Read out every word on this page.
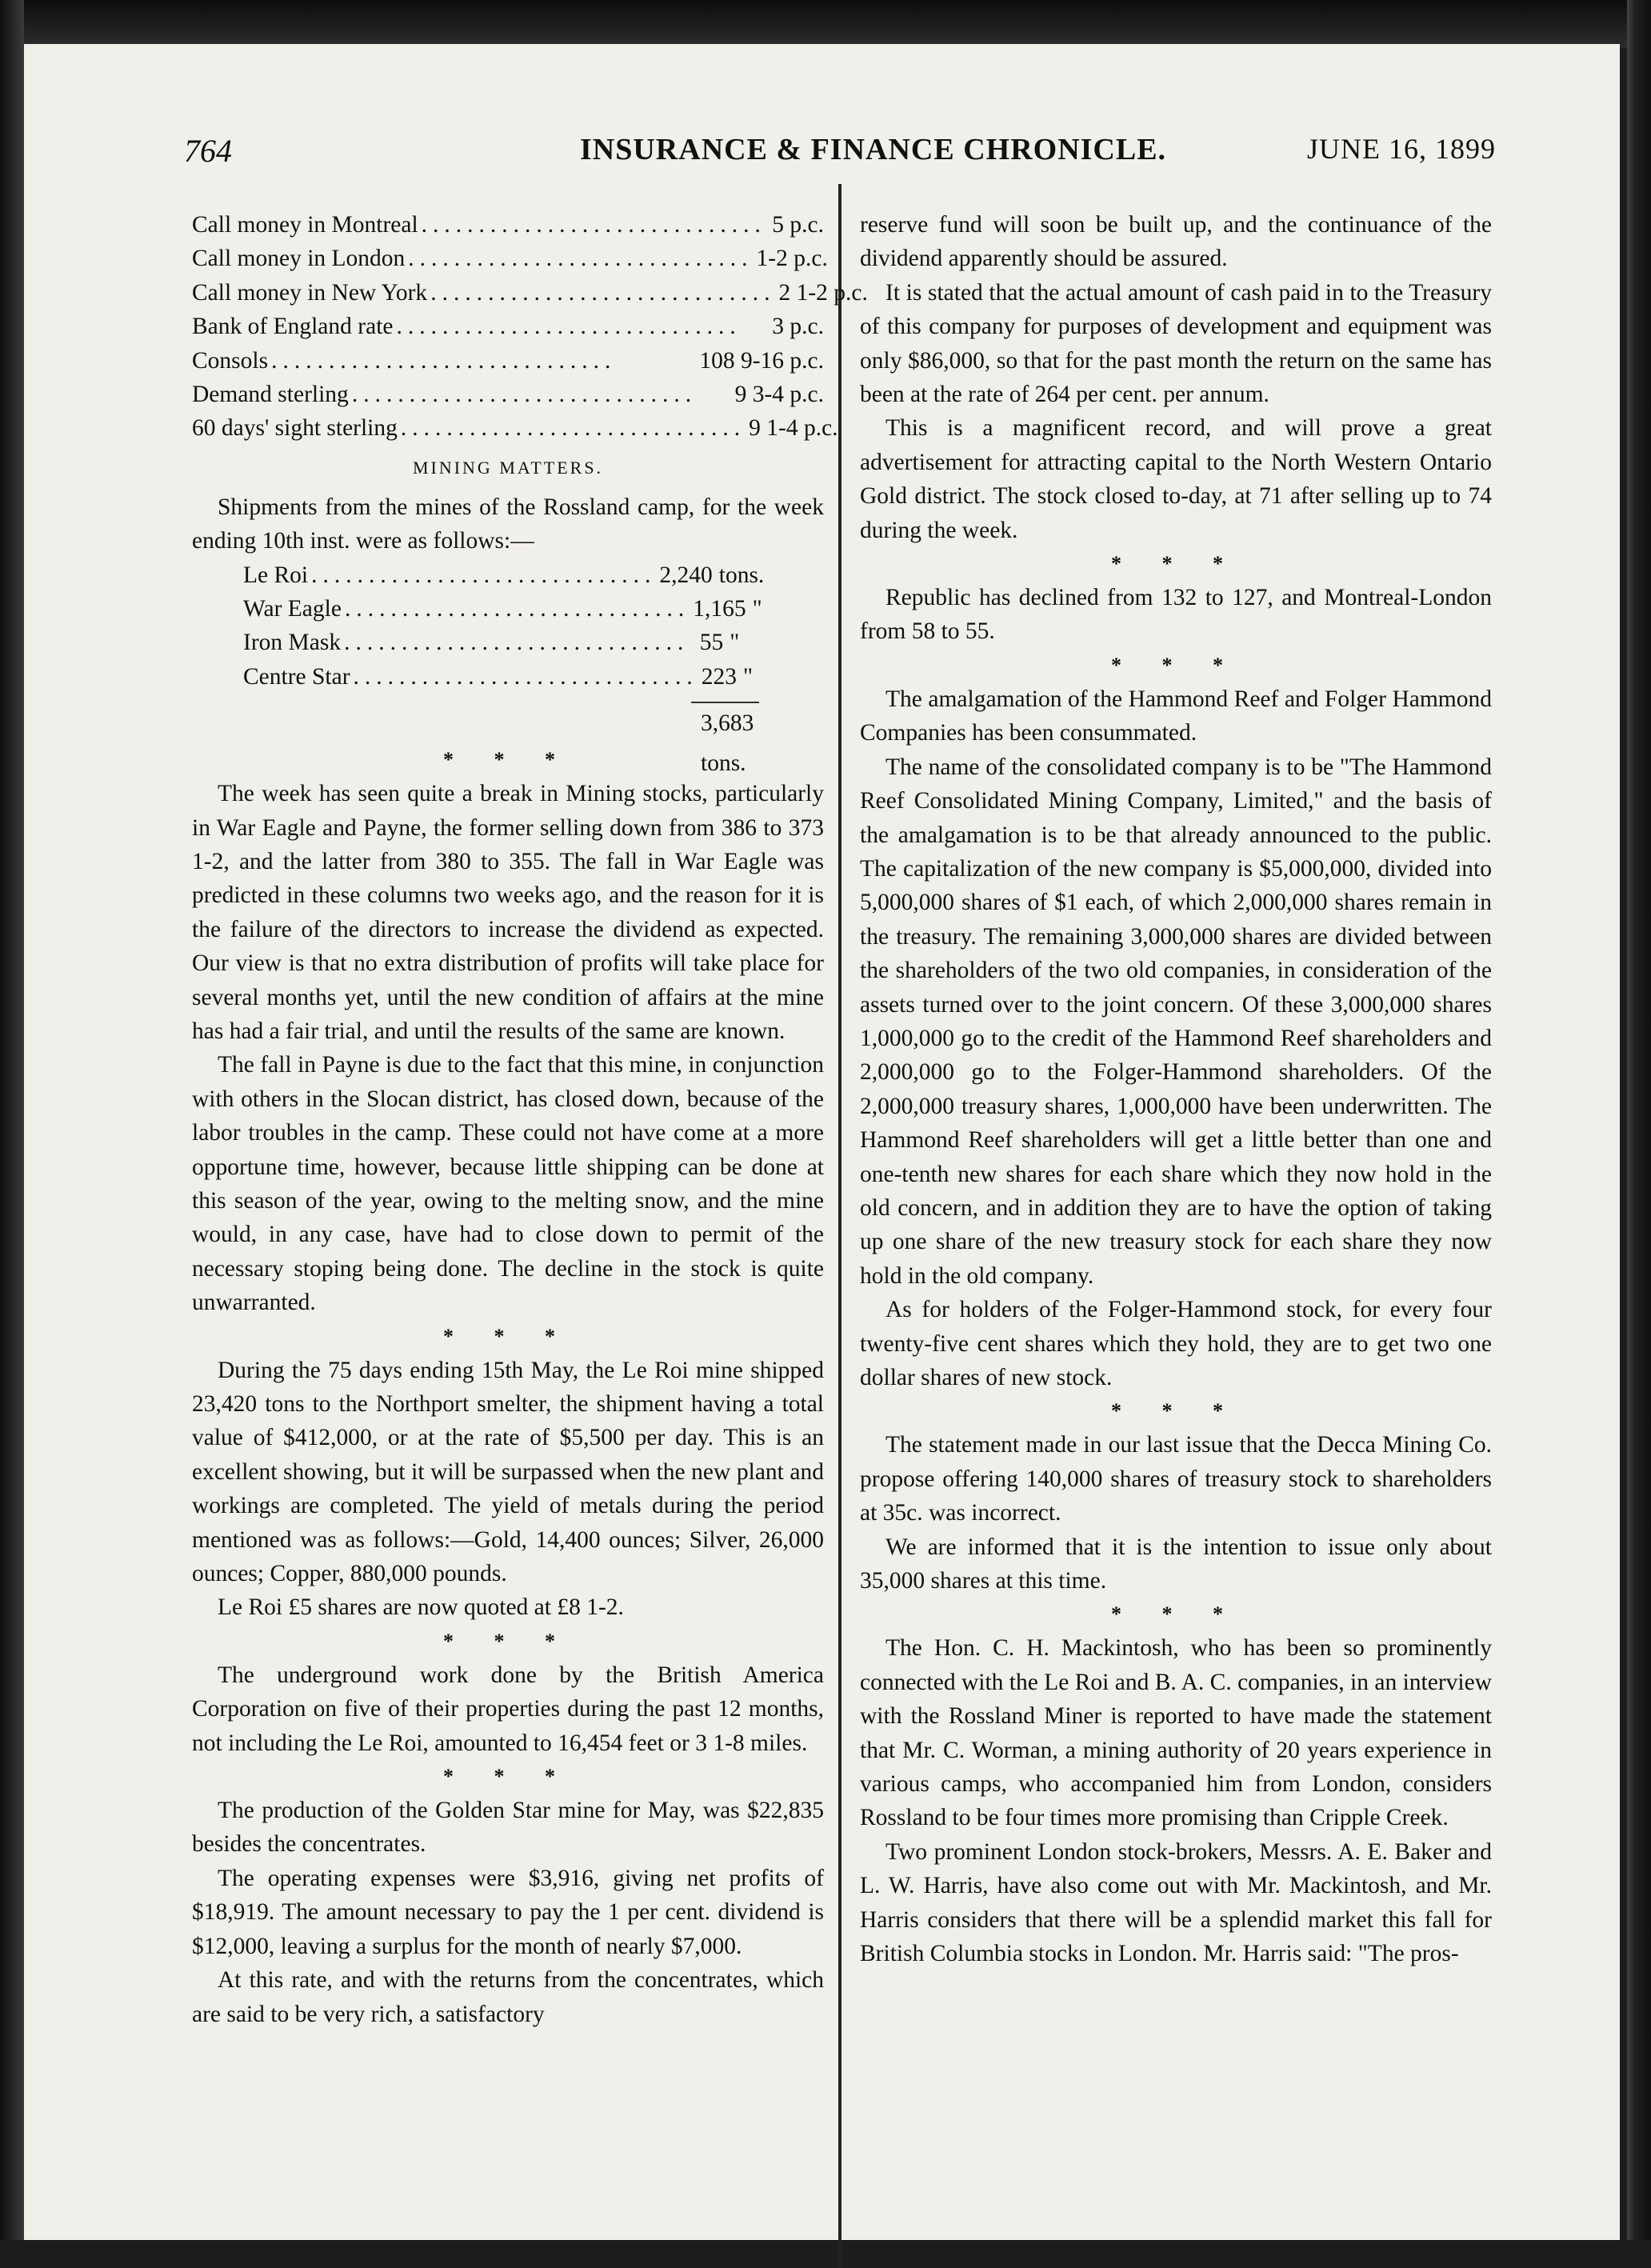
764	INSURANCE & FINANCE CHRONICLE.	JUNE 16, 1899
Call money in Montreal .............................. 5 p.c.
Call money in London .............................. 1-2 p.c.
Call money in New York .............................. 2 1-2 p.c.
Bank of England rate ..............................	3 p.c.
Consols ..............................	108 9-16 p.c.
Demand sterling ..............................	9 3-4 p.c.
60 days' sight sterling .............................. 9 1-4 p.c.
MINING MATTERS.

Shipments from the mines of the Rossland camp, for the week ending 10th inst. were as follows:—

Le Roi .............................. 2,240 tons.
War Eagle .............................. 1,165 "
Iron Mask .............................. 55 "
Centre Star .............................. 223 "
3,683 tons.
* * *

The week has seen quite a break in Mining stocks, particularly in War Eagle and Payne, the former selling down from 386 to 373 1-2, and the latter from 380 to 355. The fall in War Eagle was predicted in these columns two weeks ago, and the reason for it is the failure of the directors to increase the dividend as expected. Our view is that no extra distribution of profits will take place for several months yet, until the new condition of affairs at the mine has had a fair trial, and until the results of the same are known.

The fall in Payne is due to the fact that this mine, in conjunction with others in the Slocan district, has closed down, because of the labor troubles in the camp. These could not have come at a more opportune time, however, because little shipping can be done at this season of the year, owing to the melting snow, and the mine would, in any case, have had to close down to permit of the necessary stoping being done. The decline in the stock is quite unwarranted.

* * *

During the 75 days ending 15th May, the Le Roi mine shipped 23,420 tons to the Northport smelter, the shipment having a total value of $412,000, or at the rate of $5,500 per day. This is an excellent showing, but it will be surpassed when the new plant and workings are completed. The yield of metals during the period mentioned was as follows:—Gold, 14,400 ounces; Silver, 26,000 ounces; Copper, 880,000 pounds.

Le Roi £5 shares are now quoted at £8 1-2.

* * *

The underground work done by the British America Corporation on five of their properties during the past 12 months, not including the Le Roi, amounted to 16,454 feet or 3 1-8 miles.

* * *

The production of the Golden Star mine for May, was $22,835 besides the concentrates.

The operating expenses were $3,916, giving net profits of $18,919. The amount necessary to pay the 1 per cent. dividend is $12,000, leaving a surplus for the month of nearly $7,000.

At this rate, and with the returns from the concentrates, which are said to be very rich, a satisfactory

reserve fund will soon be built up, and the continuance of the dividend apparently should be assured.

It is stated that the actual amount of cash paid in to the Treasury of this company for purposes of development and equipment was only $86,000, so that for the past month the return on the same has been at the rate of 264 per cent. per annum.

This is a magnificent record, and will prove a great advertisement for attracting capital to the North Western Ontario Gold district. The stock closed to-day, at 71 after selling up to 74 during the week.

* * *

Republic has declined from 132 to 127, and Montreal-London from 58 to 55.

* * *

The amalgamation of the Hammond Reef and Folger Hammond Companies has been consummated.

The name of the consolidated company is to be "The Hammond Reef Consolidated Mining Company, Limited," and the basis of the amalgamation is to be that already announced to the public. The capitalization of the new company is $5,000,000, divided into 5,000,000 shares of $1 each, of which 2,000,000 shares remain in the treasury. The remaining 3,000,000 shares are divided between the shareholders of the two old companies, in consideration of the assets turned over to the joint concern. Of these 3,000,000 shares 1,000,000 go to the credit of the Hammond Reef shareholders and 2,000,000 go to the Folger-Hammond shareholders. Of the 2,000,000 treasury shares, 1,000,000 have been underwritten. The Hammond Reef shareholders will get a little better than one and one-tenth new shares for each share which they now hold in the old concern, and in addition they are to have the option of taking up one share of the new treasury stock for each share they now hold in the old company.

As for holders of the Folger-Hammond stock, for every four twenty-five cent shares which they hold, they are to get two one dollar shares of new stock.

* * *

The statement made in our last issue that the Decca Mining Co. propose offering 140,000 shares of treasury stock to shareholders at 35c. was incorrect.

We are informed that it is the intention to issue only about 35,000 shares at this time.

* * *

The Hon. C. H. Mackintosh, who has been so prominently connected with the Le Roi and B. A. C. companies, in an interview with the Rossland Miner is reported to have made the statement that Mr. C. Worman, a mining authority of 20 years experience in various camps, who accompanied him from London, considers Rossland to be four times more promising than Cripple Creek.

Two prominent London stock-brokers, Messrs. A. E. Baker and L. W. Harris, have also come out with Mr. Mackintosh, and Mr. Harris considers that there will be a splendid market this fall for British Columbia stocks in London. Mr. Harris said: "The pros-
